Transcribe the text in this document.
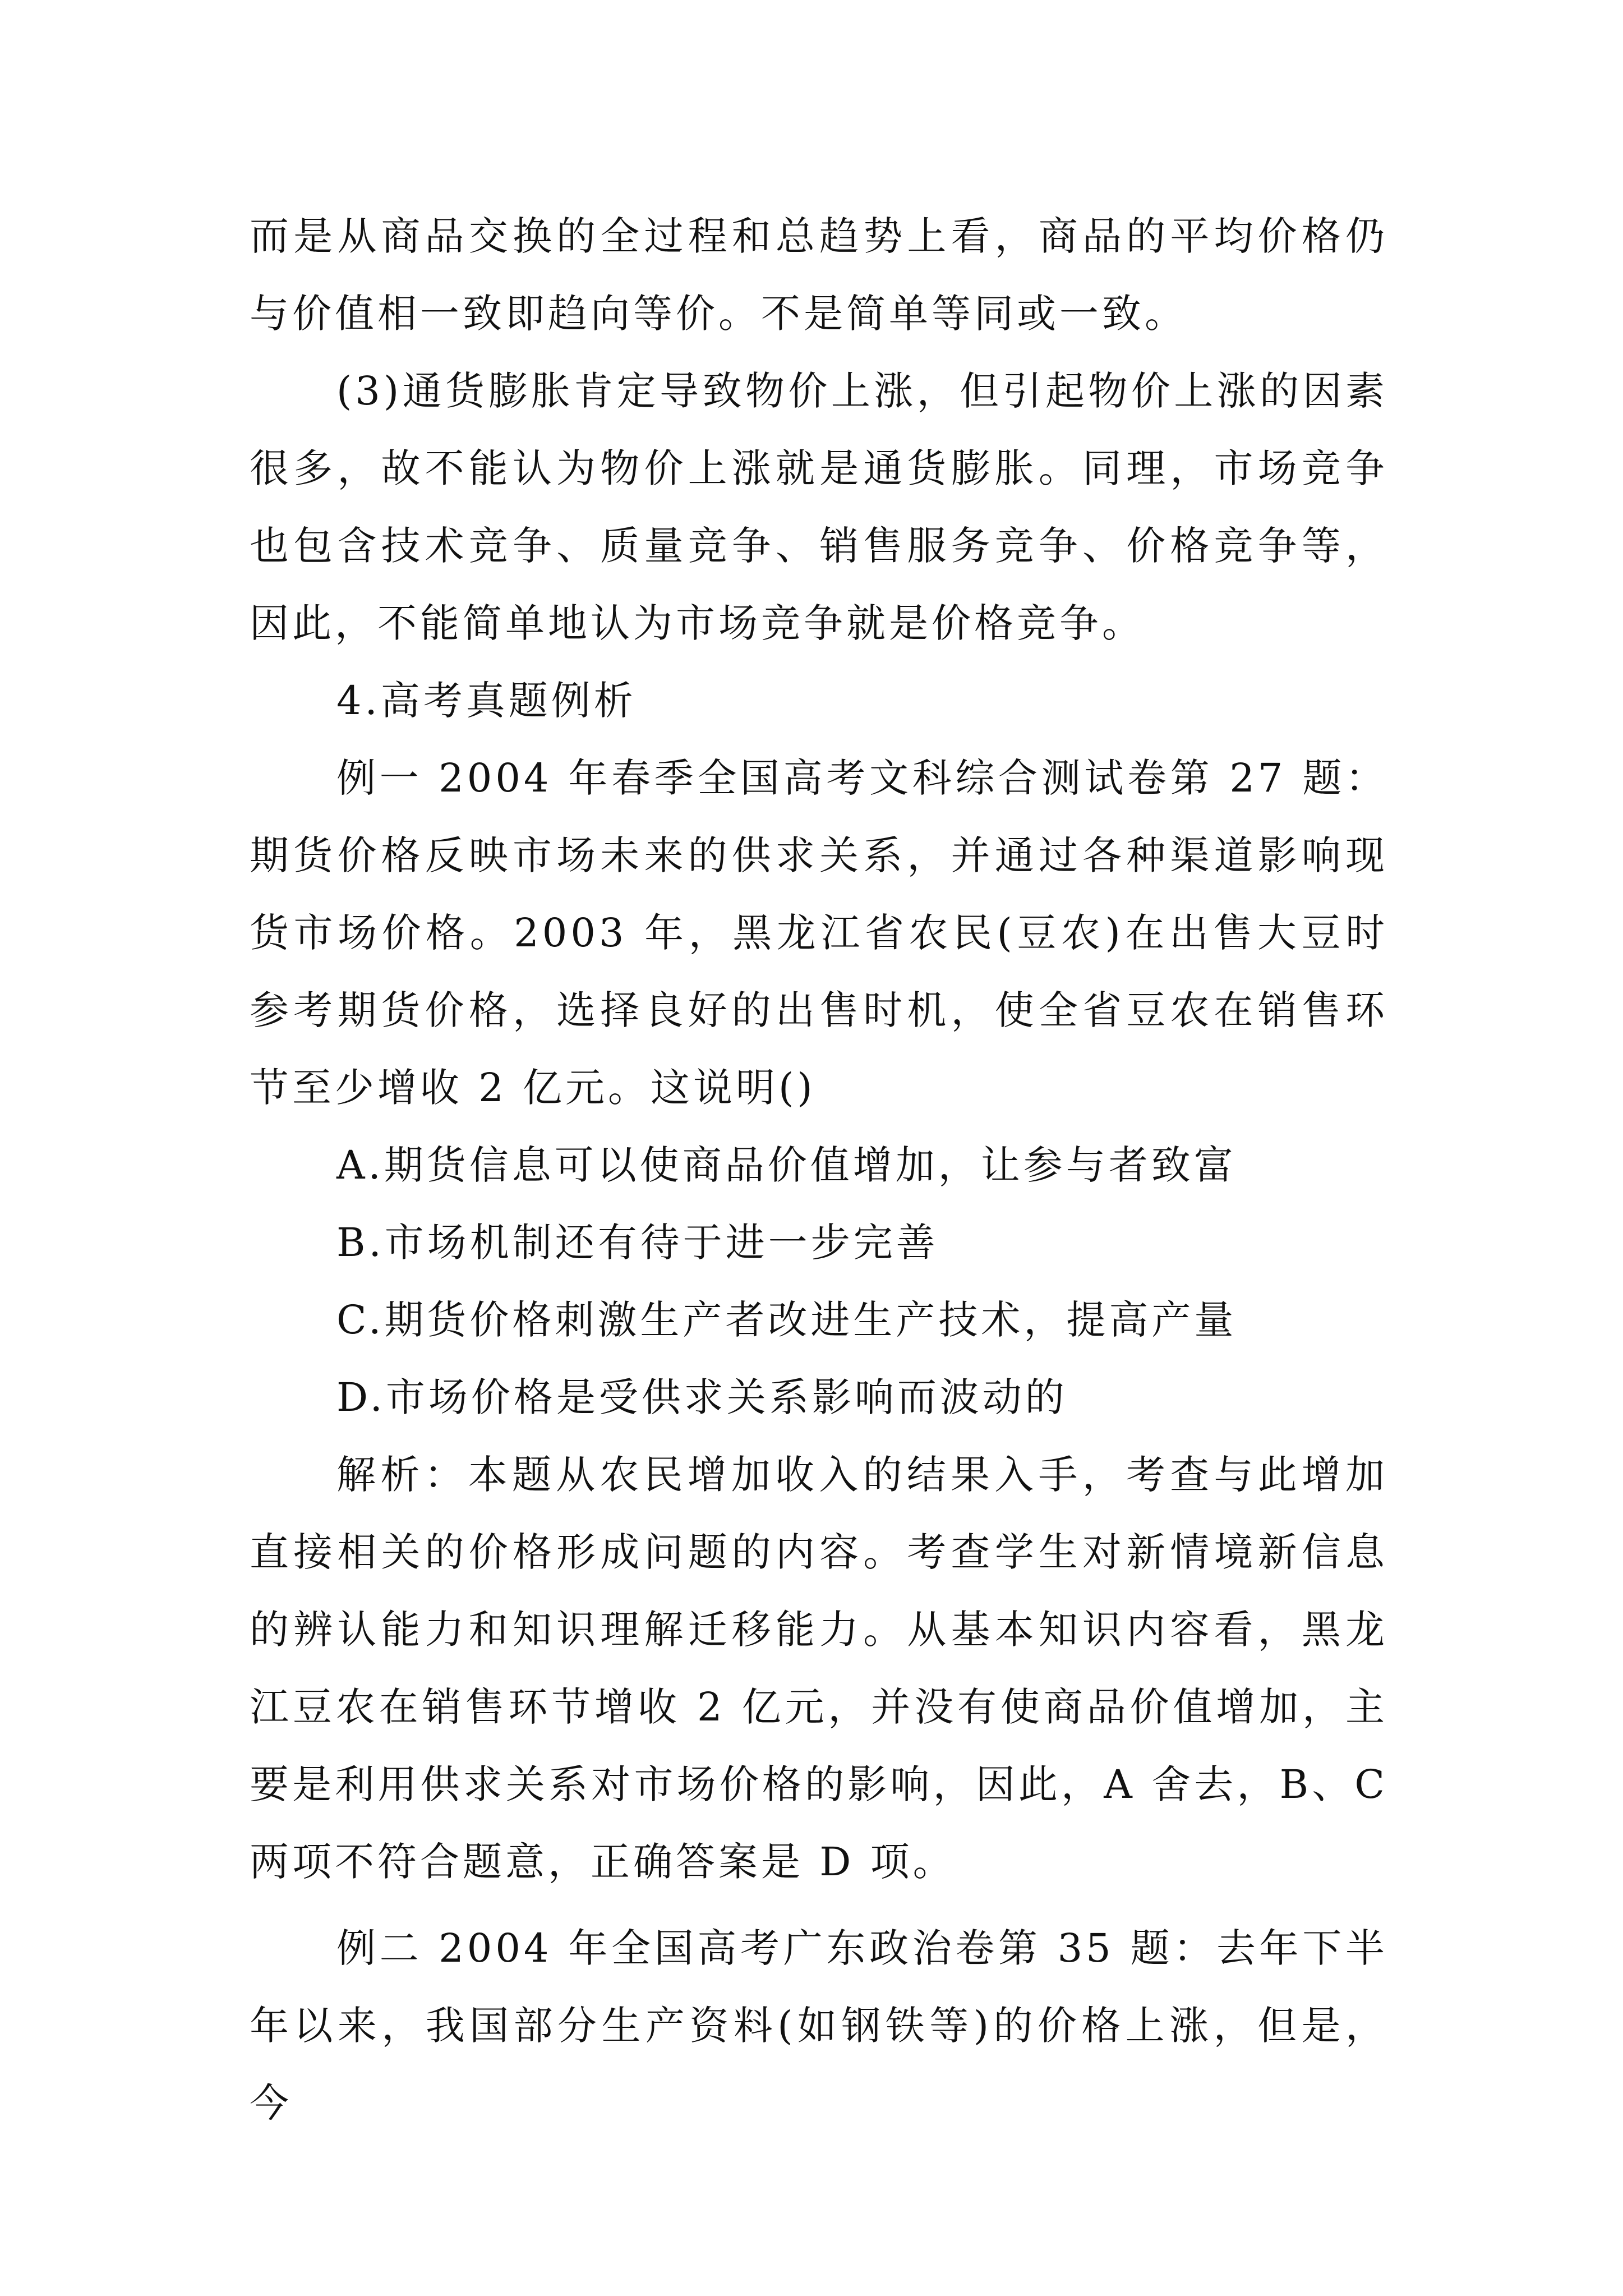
而是从商品交换的全过程和总趋势上看，商品的平均价格仍与价值相一致即趋向等价。不是简单等同或一致。

(3)通货膨胀肯定导致物价上涨，但引起物价上涨的因素很多，故不能认为物价上涨就是通货膨胀。同理，市场竞争也包含技术竞争、质量竞争、销售服务竞争、价格竞争等，因此，不能简单地认为市场竞争就是价格竞争。

4.高考真题例析

例一 2004 年春季全国高考文科综合测试卷第 27 题：期货价格反映市场未来的供求关系，并通过各种渠道影响现货市场价格。2003 年，黑龙江省农民(豆农)在出售大豆时参考期货价格，选择良好的出售时机，使全省豆农在销售环节至少增收 2 亿元。这说明()

A.期货信息可以使商品价值增加，让参与者致富

B.市场机制还有待于进一步完善

C.期货价格刺激生产者改进生产技术，提高产量

D.市场价格是受供求关系影响而波动的

解析：本题从农民增加收入的结果入手，考查与此增加直接相关的价格形成问题的内容。考查学生对新情境新信息的辨认能力和知识理解迁移能力。从基本知识内容看，黑龙江豆农在销售环节增收 2 亿元，并没有使商品价值增加，主要是利用供求关系对市场价格的影响，因此，A 舍去，B、C 两项不符合题意，正确答案是 D 项。

例二 2004 年全国高考广东政治卷第 35 题：去年下半年以来，我国部分生产资料(如钢铁等)的价格上涨，但是，今
